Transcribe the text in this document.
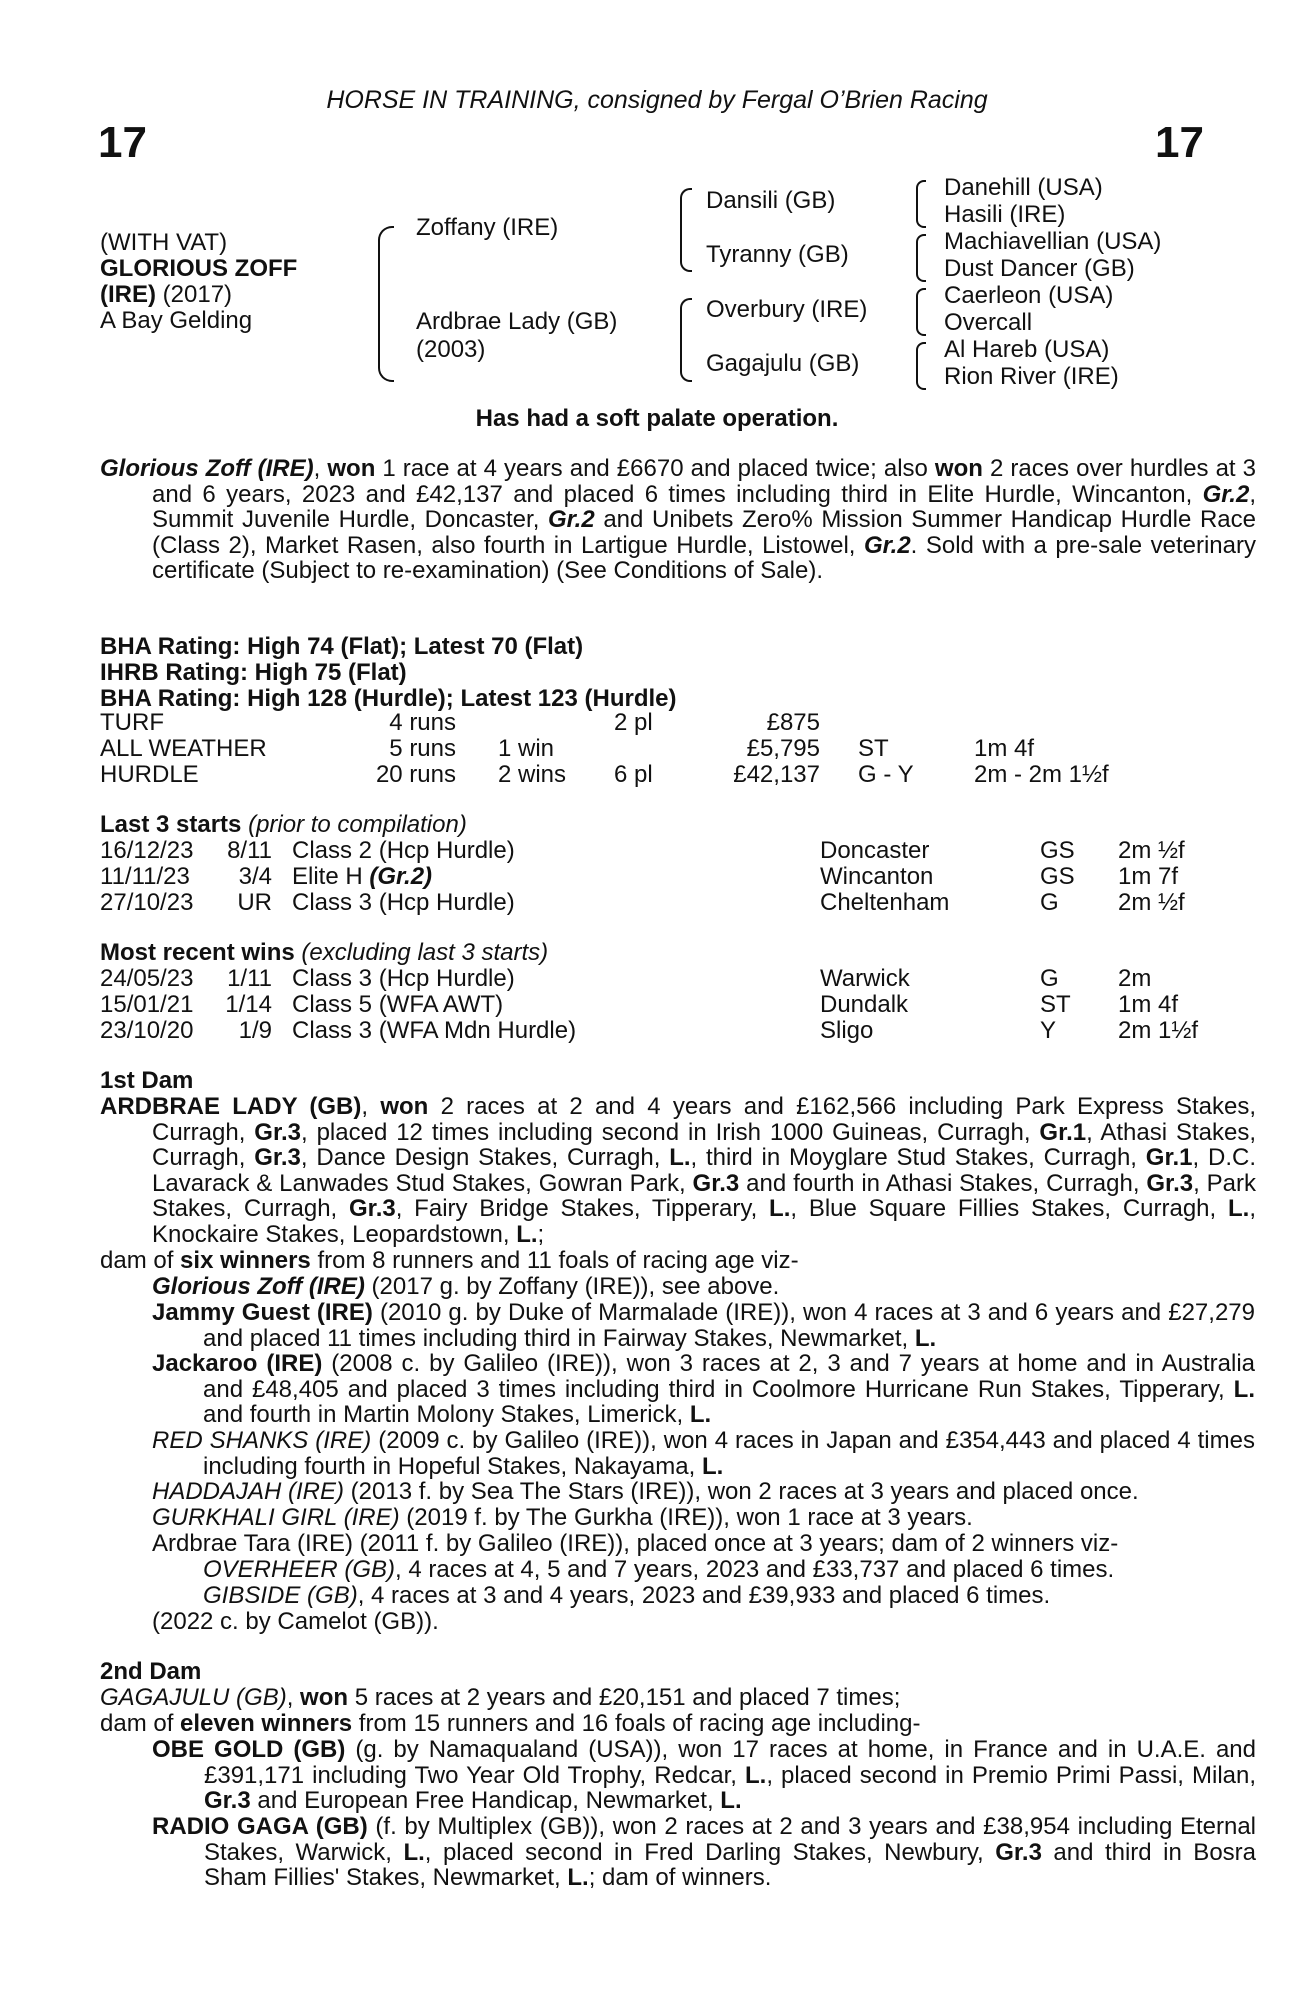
17	17
HORSE IN TRAINING, consigned by Fergal O’Brien Racing
(WITH VAT)
GLORIOUS ZOFF
(IRE) (2017)
A Bay Gelding
Zoffany (IRE)
Ardbrae Lady (GB)
(2003)
Dansili (GB)
Tyranny (GB)
Overbury (IRE)
Gagajulu (GB)
Danehill (USA)
Hasili (IRE)
Machiavellian (USA)
Dust Dancer (GB)
Caerleon (USA)
Overcall
Al Hareb (USA)
Rion River (IRE)
Has had a soft palate operation.
Glorious Zoff (IRE), won 1 race at 4 years and £6670 and placed twice; also won 2 races over hurdles at 3 and 6 years, 2023 and £42,137 and placed 6 times including third in Elite Hurdle, Wincanton, Gr.2, Summit Juvenile Hurdle, Doncaster, Gr.2 and Unibets Zero% Mission Summer Handicap Hurdle Race (Class 2), Market Rasen, also fourth in Lartigue Hurdle, Listowel, Gr.2. Sold with a pre-sale veterinary certificate (Subject to re-examination) (See Conditions of Sale).
BHA Rating: High 74 (Flat); Latest 70 (Flat)
IHRB Rating: High 75 (Flat)
BHA Rating: High 128 (Hurdle); Latest 123 (Hurdle)
TURF	4 runs	2 pl	£875
ALL WEATHER	5 runs 1 win	£5,795 ST	1m 4f
HURDLE	20 runs 2 wins 6 pl	£42,137 G - Y	2m - 2m 1½f
Last 3 starts (prior to compilation)
16/12/23	8/11 Class 2 (Hcp Hurdle)	Doncaster	GS 2m ½f
11/11/23	3/4 Elite H (Gr.2)	Wincanton	GS 1m 7f
27/10/23	UR Class 3 (Hcp Hurdle)	Cheltenham	G 2m ½f
Most recent wins (excluding last 3 starts)
24/05/23	1/11 Class 3 (Hcp Hurdle)	Warwick	G 2m
15/01/21	1/14 Class 5 (WFA AWT)	Dundalk	ST 1m 4f
23/10/20	1/9 Class 3 (WFA Mdn Hurdle)	Sligo	Y	2m 1½f
1st Dam
ARDBRAE LADY (GB), won 2 races at 2 and 4 years and £162,566 including Park Express Stakes, Curragh, Gr.3, placed 12 times including second in Irish 1000 Guineas, Curragh, Gr.1, Athasi Stakes, Curragh, Gr.3, Dance Design Stakes, Curragh, L., third in Moyglare Stud Stakes, Curragh, Gr.1, D.C. Lavarack & Lanwades Stud Stakes, Gowran Park, Gr.3 and fourth in Athasi Stakes, Curragh, Gr.3, Park Stakes, Curragh, Gr.3, Fairy Bridge Stakes, Tipperary, L., Blue Square Fillies Stakes, Curragh, L., Knockaire Stakes, Leopardstown, L.;
dam of six winners from 8 runners and 11 foals of racing age viz-
Glorious Zoff (IRE) (2017 g. by Zoffany (IRE)), see above.
Jammy Guest (IRE) (2010 g. by Duke of Marmalade (IRE)), won 4 races at 3 and 6 years and £27,279 and placed 11 times including third in Fairway Stakes, Newmarket, L.
Jackaroo (IRE) (2008 c. by Galileo (IRE)), won 3 races at 2, 3 and 7 years at home and in Australia and £48,405 and placed 3 times including third in Coolmore Hurricane Run Stakes, Tipperary, L. and fourth in Martin Molony Stakes, Limerick, L.
RED SHANKS (IRE) (2009 c. by Galileo (IRE)), won 4 races in Japan and £354,443 and placed 4 times including fourth in Hopeful Stakes, Nakayama, L.
HADDAJAH (IRE) (2013 f. by Sea The Stars (IRE)), won 2 races at 3 years and placed once.
GURKHALI GIRL (IRE) (2019 f. by The Gurkha (IRE)), won 1 race at 3 years.
Ardbrae Tara (IRE) (2011 f. by Galileo (IRE)), placed once at 3 years; dam of 2 winners viz-
OVERHEER (GB), 4 races at 4, 5 and 7 years, 2023 and £33,737 and placed 6 times.
GIBSIDE (GB), 4 races at 3 and 4 years, 2023 and £39,933 and placed 6 times.
(2022 c. by Camelot (GB)).
2nd Dam
GAGAJULU (GB), won 5 races at 2 years and £20,151 and placed 7 times;
dam of eleven winners from 15 runners and 16 foals of racing age including-
OBE GOLD (GB) (g. by Namaqualand (USA)), won 17 races at home, in France and in U.A.E. and £391,171 including Two Year Old Trophy, Redcar, L., placed second in Premio Primi Passi, Milan, Gr.3 and European Free Handicap, Newmarket, L.
RADIO GAGA (GB) (f. by Multiplex (GB)), won 2 races at 2 and 3 years and £38,954 including Eternal Stakes, Warwick, L., placed second in Fred Darling Stakes, Newbury, Gr.3 and third in Bosra Sham Fillies' Stakes, Newmarket, L.; dam of winners.
